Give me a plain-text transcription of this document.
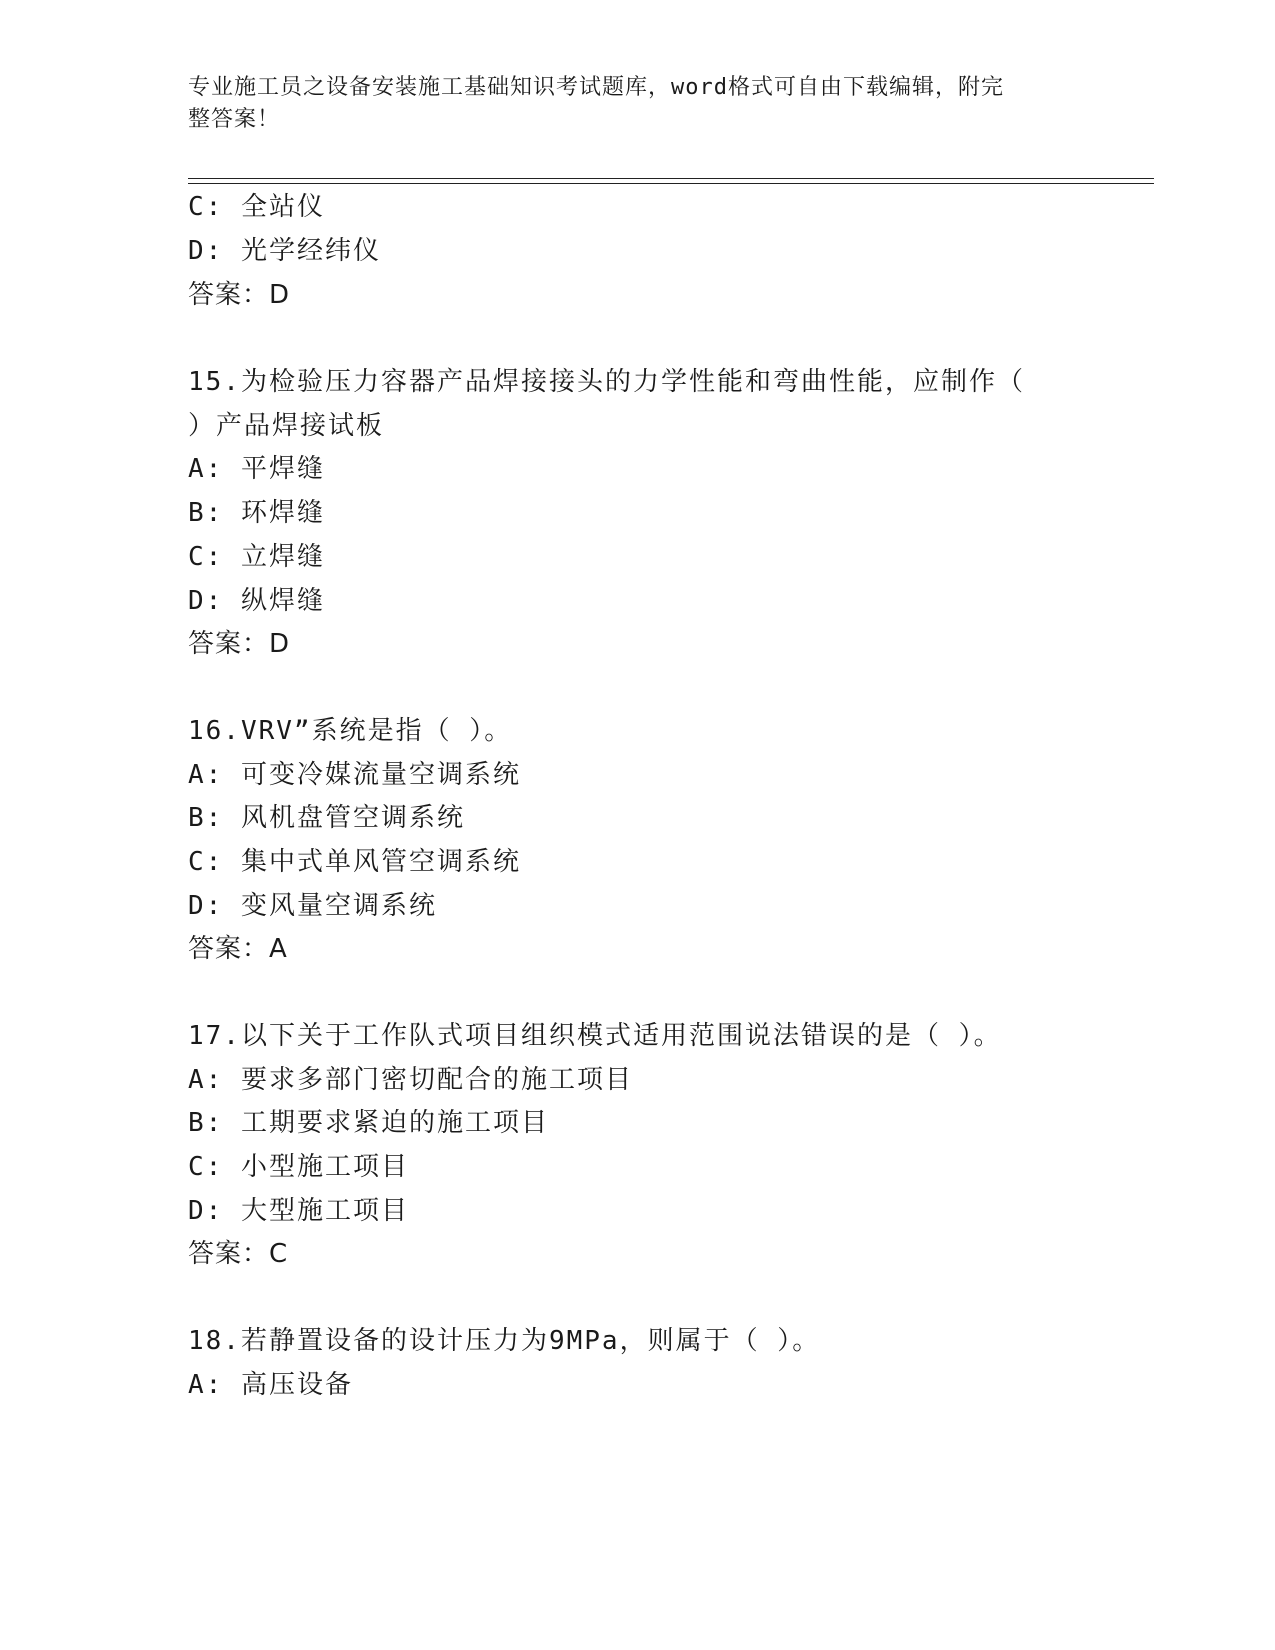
专业施工员之设备安装施工基础知识考试题库，word格式可自由下载编辑，附完
整答案！
C: 全站仪
D: 光学经纬仪
答案：D
15.为检验压力容器产品焊接接头的力学性能和弯曲性能，应制作（
）产品焊接试板
A: 平焊缝
B: 环焊缝
C: 立焊缝
D: 纵焊缝
答案：D
16.VRV”系统是指（ ）。
A: 可变冷媒流量空调系统
B: 风机盘管空调系统
C: 集中式单风管空调系统
D: 变风量空调系统
答案：A
17.以下关于工作队式项目组织模式适用范围说法错误的是（ ）。
A: 要求多部门密切配合的施工项目
B: 工期要求紧迫的施工项目
C: 小型施工项目
D: 大型施工项目
答案：C
18.若静置设备的设计压力为9MPa，则属于（ ）。
A: 高压设备
